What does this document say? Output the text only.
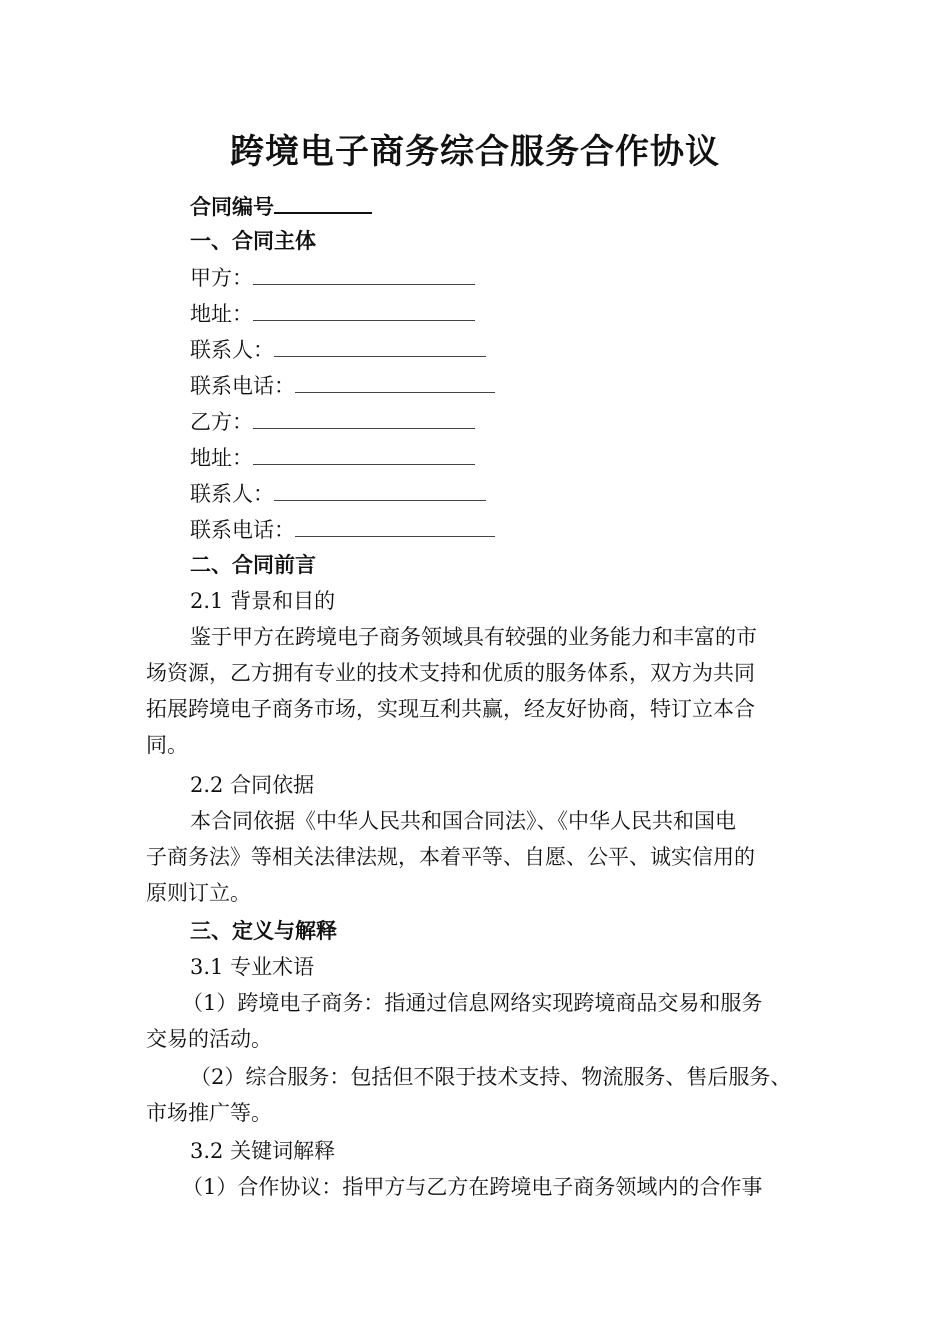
跨境电子商务综合服务合作协议
合同编号
一、合同主体
甲方：
地址：
联系人：
联系电话：
乙方：
地址：
联系人：
联系电话：
二、合同前言
2.1 背景和目的
鉴于甲方在跨境电子商务领域具有较强的业务能力和丰富的市
场资源，乙方拥有专业的技术支持和优质的服务体系，双方为共同
拓展跨境电子商务市场，实现互利共赢，经友好协商，特订立本合
同。
2.2 合同依据
本合同依据《中华人民共和国合同法》、《中华人民共和国电
子商务法》等相关法律法规，本着平等、自愿、公平、诚实信用的
原则订立。
三、定义与解释
3.1 专业术语
（1）跨境电子商务：指通过信息网络实现跨境商品交易和服务
交易的活动。
（2）综合服务：包括但不限于技术支持、物流服务、售后服务、
市场推广等。
3.2 关键词解释
（1）合作协议：指甲方与乙方在跨境电子商务领域内的合作事
